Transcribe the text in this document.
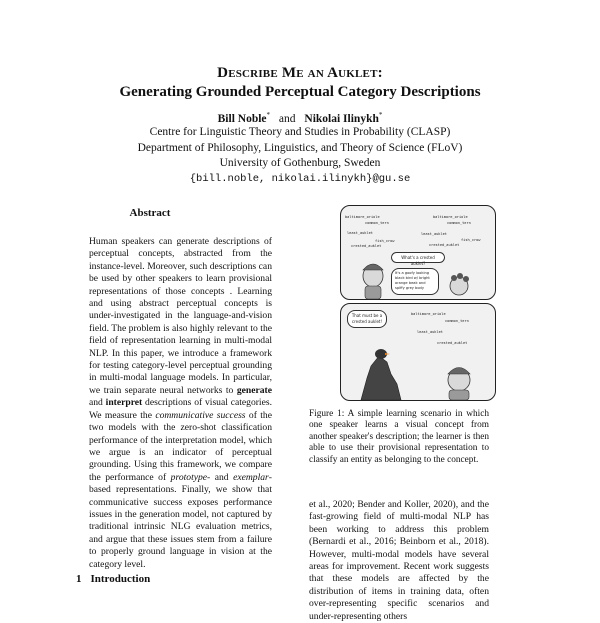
Describe Me an Auklet:
Generating Grounded Perceptual Category Descriptions
Bill Noble* and Nikolai Ilinykh*
Centre for Linguistic Theory and Studies in Probability (CLASP)
Department of Philosophy, Linguistics, and Theory of Science (FLoV)
University of Gothenburg, Sweden
{bill.noble, nikolai.ilinykh}@gu.se
Abstract

Human speakers can generate descriptions of perceptual concepts, abstracted from the instance-level. Moreover, such descriptions can be used by other speakers to learn provisional representations of those concepts . Learning and using abstract perceptual concepts is under-investigated in the language-and-vision field. The problem is also highly relevant to the field of representation learning in multi-modal NLP. In this paper, we introduce a framework for testing category-level perceptual grounding in multi-modal language models. In particular, we train separate neural networks to generate and interpret descriptions of visual categories. We measure the communicative success of the two models with the zero-shot classification performance of the interpretation model, which we argue is an indicator of perceptual grounding. Using this framework, we compare the performance of prototype- and exemplar-based representations. Finally, we show that communicative success exposes performance issues in the generation model, not captured by traditional intrinsic NLG evaluation metrics, and argue that these issues stem from a failure to properly ground language in vision at the category level.

1 Introduction
baltimore_oriole
common_tern
least_auklet
fish_crow
crested_auklet
baltimore_oriole
common_tern
least_auklet
fish_crow
crested_auklet
What's a crested auklet?
It's a goofy looking black bird w/ bright orange beak and spiffy grey body
baltimore_oriole
common_tern
least_auklet
crested_auklet
That must be a crested auklet!

Figure 1: A simple learning scenario in which one speaker learns a visual concept from another speaker's description; the learner is then able to use their provisional representation to classify an entity as belonging to the concept.

et al., 2020; Bender and Koller, 2020), and the fast-growing field of multi-modal NLP has been working to address this problem (Bernardi et al., 2016; Beinborn et al., 2018). However, multi-modal models have several areas for improvement. Recent work suggests that these models are affected by the distribution of items in training data, often over-representing specific scenarios and under-representing others
